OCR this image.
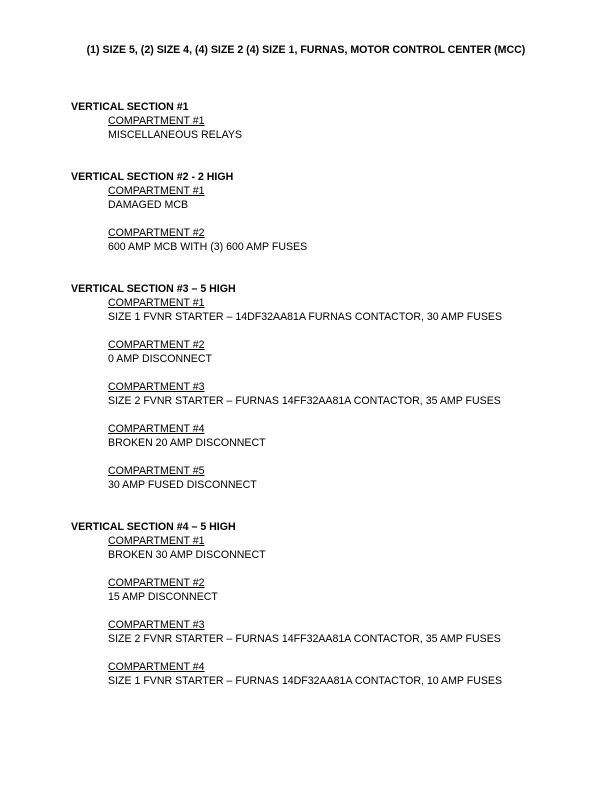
(1) SIZE 5, (2) SIZE 4, (4) SIZE 2 (4) SIZE 1, FURNAS, MOTOR CONTROL CENTER (MCC)
VERTICAL SECTION #1
COMPARTMENT #1
MISCELLANEOUS RELAYS
VERTICAL SECTION #2 - 2 HIGH
COMPARTMENT #1
DAMAGED MCB
COMPARTMENT #2
600 AMP MCB WITH (3) 600 AMP FUSES
VERTICAL SECTION #3 – 5 HIGH
COMPARTMENT #1
SIZE 1 FVNR STARTER – 14DF32AA81A FURNAS CONTACTOR, 30 AMP FUSES
COMPARTMENT #2
0 AMP DISCONNECT
COMPARTMENT #3
SIZE 2 FVNR STARTER – FURNAS 14FF32AA81A CONTACTOR, 35 AMP FUSES
COMPARTMENT #4
BROKEN 20 AMP DISCONNECT
COMPARTMENT #5
30 AMP FUSED DISCONNECT
VERTICAL SECTION #4 – 5 HIGH
COMPARTMENT #1
BROKEN 30 AMP DISCONNECT
COMPARTMENT #2
15 AMP DISCONNECT
COMPARTMENT #3
SIZE 2 FVNR STARTER – FURNAS 14FF32AA81A CONTACTOR, 35 AMP FUSES
COMPARTMENT #4
SIZE 1 FVNR STARTER – FURNAS 14DF32AA81A CONTACTOR, 10 AMP FUSES
